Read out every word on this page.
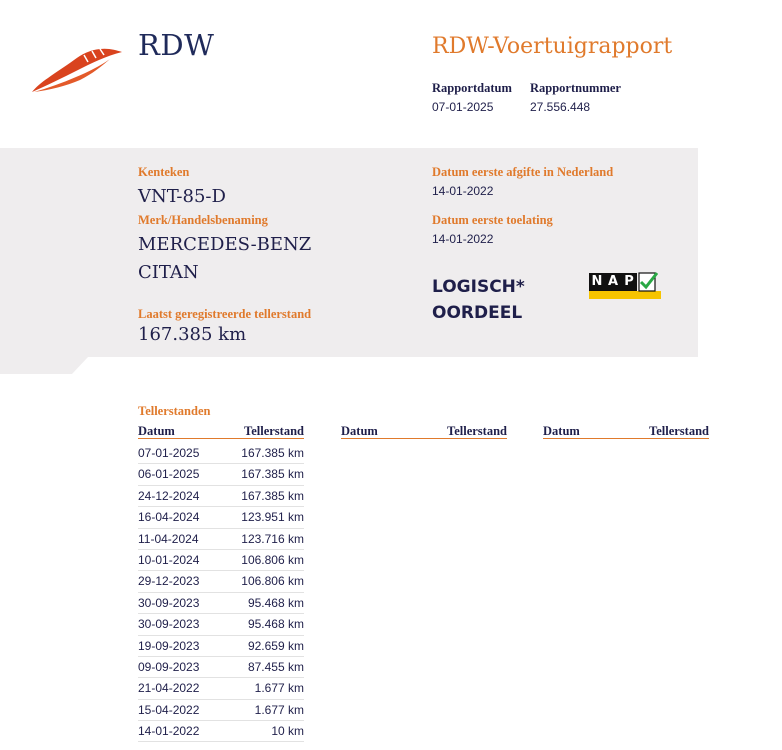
RDW	RDW-Voertuigrapport
Rapportdatum Rapportnummer
07-01-2025	27.556.448
Kenteken
VNT-85-D
Merk/Handelsbenaming
MERCEDES-BENZ
CITAN
Laatst geregistreerde tellerstand
167.385 km
Datum eerste afgifte in Nederland
14-01-2022
Datum eerste toelating
14-01-2022
LOGISCH*
OORDEEL
N A P
Tellerstanden
Datum	Tellerstand	Datum	Tellerstand	Datum	Tellerstand
07-01-2025	167.385 km
06-01-2025	167.385 km
24-12-2024	167.385 km
16-04-2024	123.951 km
11-04-2024	123.716 km
10-01-2024	106.806 km
29-12-2023	106.806 km
30-09-2023	95.468 km
30-09-2023	95.468 km
19-09-2023	92.659 km
09-09-2023	87.455 km
21-04-2022	1.677 km
15-04-2022	1.677 km
14-01-2022	10 km
